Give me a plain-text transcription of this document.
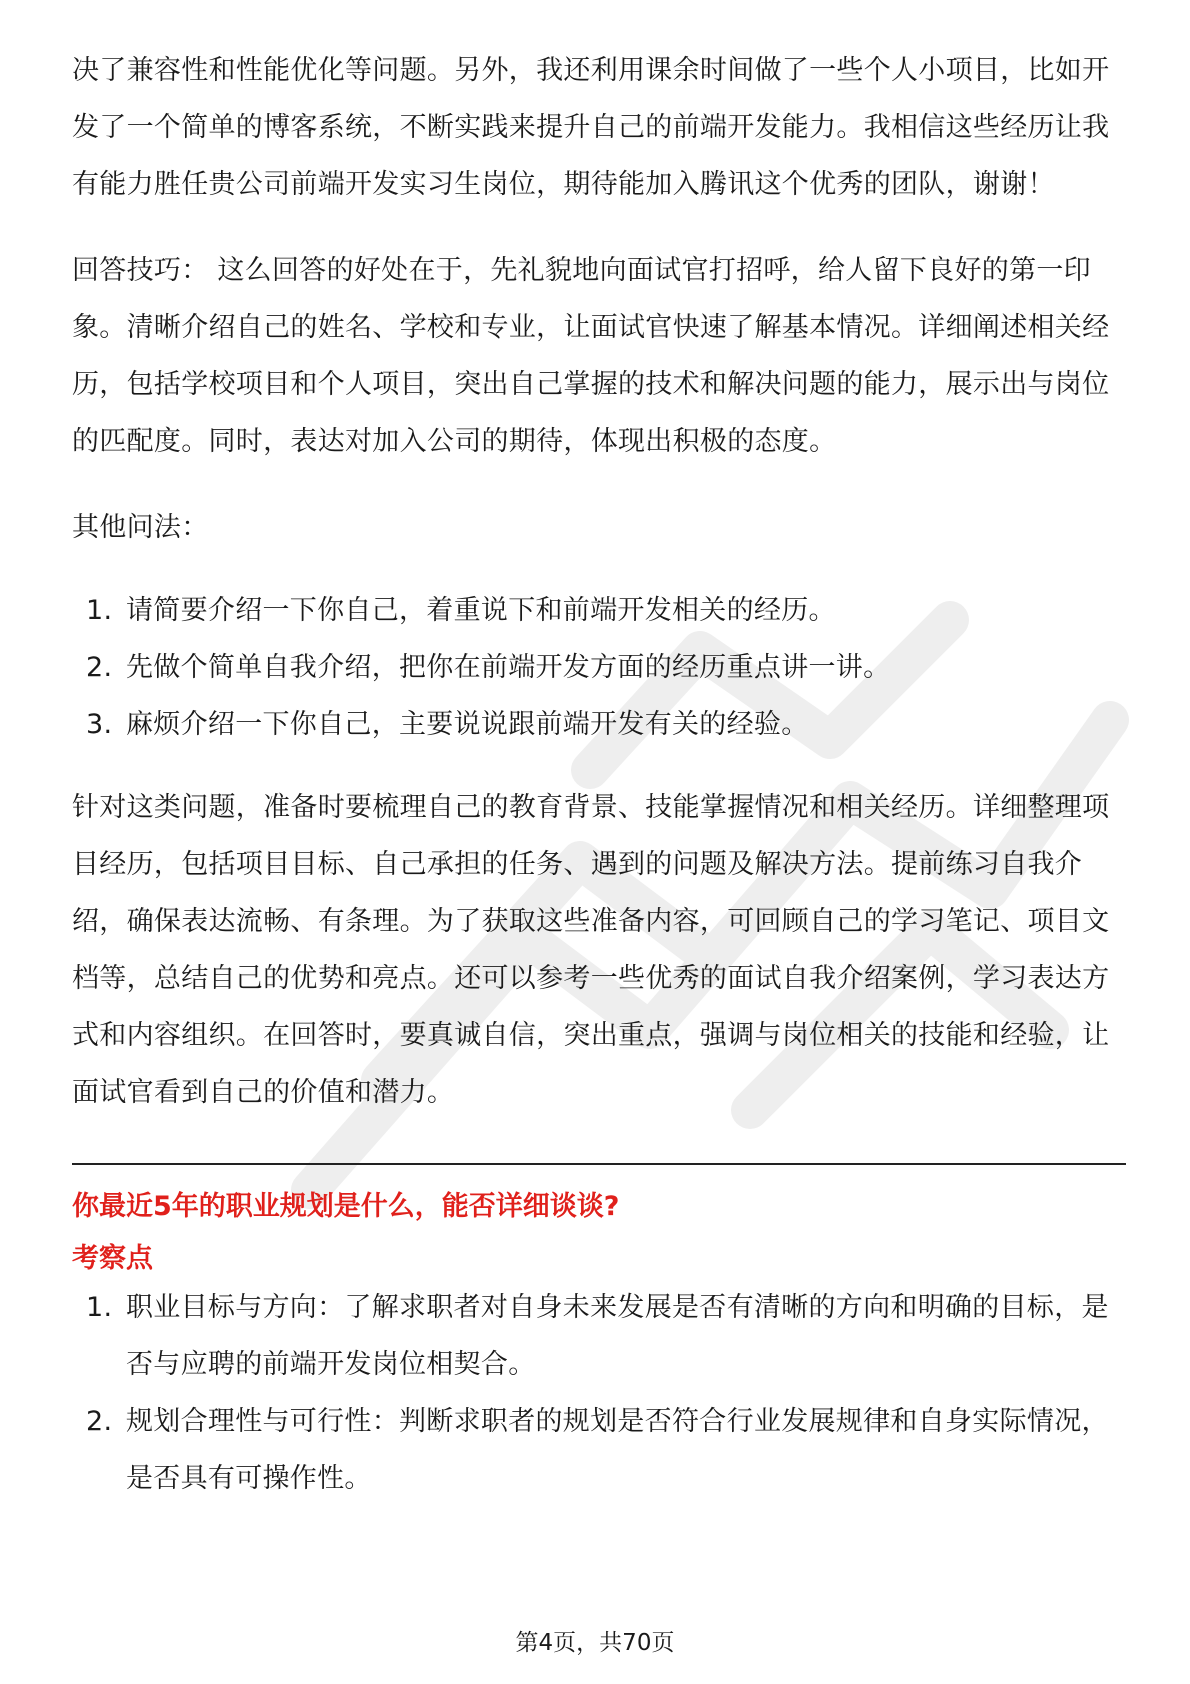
决了兼容性和性能优化等问题。另外，我还利用课余时间做了一些个人小项目，比如开发了一个简单的博客系统，不断实践来提升自己的前端开发能力。我相信这些经历让我有能力胜任贵公司前端开发实习生岗位，期待能加入腾讯这个优秀的团队，谢谢！

回答技巧： 这么回答的好处在于，先礼貌地向面试官打招呼，给人留下良好的第一印象。清晰介绍自己的姓名、学校和专业，让面试官快速了解基本情况。详细阐述相关经历，包括学校项目和个人项目，突出自己掌握的技术和解决问题的能力，展示出与岗位的匹配度。同时，表达对加入公司的期待，体现出积极的态度。

其他问法：

1. 请简要介绍一下你自己，着重说下和前端开发相关的经历。
2. 先做个简单自我介绍，把你在前端开发方面的经历重点讲一讲。
3. 麻烦介绍一下你自己，主要说说跟前端开发有关的经验。

针对这类问题，准备时要梳理自己的教育背景、技能掌握情况和相关经历。详细整理项目经历，包括项目目标、自己承担的任务、遇到的问题及解决方法。提前练习自我介绍，确保表达流畅、有条理。为了获取这些准备内容，可回顾自己的学习笔记、项目文档等，总结自己的优势和亮点。还可以参考一些优秀的面试自我介绍案例，学习表达方式和内容组织。在回答时，要真诚自信，突出重点，强调与岗位相关的技能和经验，让面试官看到自己的价值和潜力。

你最近5年的职业规划是什么，能否详细谈谈?
考察点
1. 职业目标与方向：了解求职者对自身未来发展是否有清晰的方向和明确的目标，是否与应聘的前端开发岗位相契合。
2. 规划合理性与可行性：判断求职者的规划是否符合行业发展规律和自身实际情况，是否具有可操作性。
第4页，共70页
